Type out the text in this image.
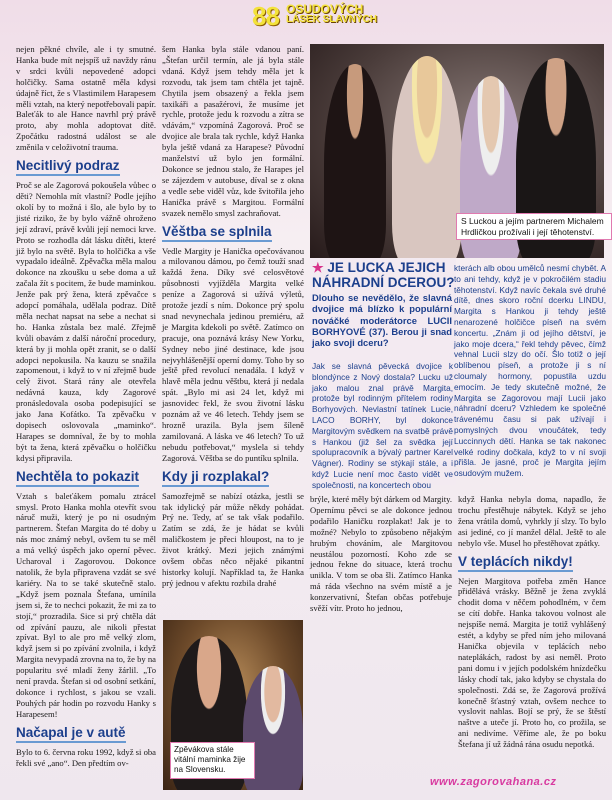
88 OSUDOVÝCH
LÁSEK SLAVNÝCH

nejen pěkné chvíle, ale i ty smutné. Hanka bude mít nejspíš už navždy ránu v srdci kvůli nepovedené adopci holčičky. Sama ostatně měla kdysi údajně říct, že s Vlastimilem Harapesem měli vztah, na který nepotřebovali papír. Baleťák to ale Hance navrhl prý právě proto, aby mohla adoptovat dítě. Zpočátku radostná událost se ale změnila v celoživotní trauma.

Necitlivý podraz

Proč se ale Zagorová pokoušela vůbec o děti? Nemohla mít vlastní? Podle jejího okolí by to možná i šlo, ale bylo by to jisté riziko, že by bylo vážně ohroženo její zdraví, právě kvůli její nemoci krve. Proto se rozhodla dát lásku dítěti, které již bylo na světě. Byla to holčička a vše vypadalo ideálně. Zpěvačka měla malou dokonce na zkoušku u sebe doma a už začala žít s pocitem, že bude maminkou. Jenže pak prý žena, která zpěvačce s adopcí pomáhala, udělala podraz. Dítě měla nechat napsat na sebe a nechat si ho. Hanka zůstala bez malé. Zřejmě kvůli obavám z další nároční procedury, která by ji mohla opět zranit, se o další adopci nepokusila. Na kauzu se snažila zapomenout, i když to v ní zřejmě bude celý život. Stará rány ale otevřela nedávná kauza, kdy Zagorové pronásledovala osoba podepisující se jako Jana Kofátko. Ta zpěvačku v dopisech oslovovala „maminko“. Harapes se domníval, že by to mohla být ta žena, která zpěvačku o holčičku kdysi připravila.

Nechtěla to pokazit

Vztah s baleťákem pomalu ztrácel smysl. Proto Hanka mohla otevřít svou náruč muži, který je po ni osudným partnerem. Štefan Margita do té doby u nás moc známý nebyl, ovšem tu se měl a má velký úspěch jako operní pěvec. Ucharoval i Zagorovou. Dokonce natolik, že byla připravena vzdát se své kariéry. Na to se také skutečně stalo. „Když jsem poznala Štefana, umínila jsem si, že to nechci pokazit, že mi za to stojí,“ prozradila. Sice si prý chtěla dát od zpívání pauzu, ale nikoli přestat zpívat. Byl to ale pro mě velký zlom, když jsem si po zpívání zvolnila, i když Margita nevypadá zrovna na to, že by na popularitu své mladí ženy žárlil. „To není pravda. Štefan si od osobní setkání, dokonce i rychlost, s jakou se vzali. Pouhých pár hodin po rozvodu Hanky s Harapesem!

Načapal je v autě

Bylo to 6. června roku 1992, když si oba řekli své „ano“. Den předtím ov-

šem Hanka byla stále vdanou paní. „Štefan určil termín, ale já byla stále vdaná. Když jsem tehdy měla jet k rozvodu, tak jsem tam chtěla jet tajně. Chytila jsem obsazený a řekla jsem taxikáři a pasažérovi, že musíme jet rychle, protože jedu k rozvodu a zítra se vdávám,“ vzpomíná Zagorová. Proč se dvojice ale brala tak rychle, když Hanka byla ještě vdaná za Harapese? Původní manželství už bylo jen formální. Dokonce se jednou stalo, že Harapes jel se zájezdem v autobuse, díval se z okna a vedle sebe viděl vůz, kde švitořila jeho Hanička právě s Margitou. Formální svazek nemělo smysl zachraňovat.

Věštba se splnila

Vedle Margity je Hanička opečovávanou a milovanou dámou, po čemž touží snad každá žena. Díky své celosvětové působnosti vyjížděla Margita velké peníze a Zagorová si užívá výletů, protože jezdí s ním. Dokonce prý spolu snad nevynechala jedinou premiéru, až je Margita kdekoli po světě. Zatímco on pracuje, ona poznává krásy New Yorku, Sydney nebo jiné destinace, kde jsou nejvyhlášenější operní domy. Toho by so ještě před revolucí nenadála. I když v hlavě měla jednu věštbu, která jí nedala spát. „Bylo mi asi 24 let, když mi jasnovidec řekl, že svou životní lásku poznám až ve 46 letech. Tehdy jsem se hrozně urazila. Byla jsem šíleně zamilovaná. A láska ve 46 letech? To už nebudu potřebovat,“ myslela si tehdy Zagorová. Věštba se do puntíku splnila.

Kdy ji rozplakal?

Samozřejmě se nabízí otázka, jestli se tak idylický pár může někdy pohádat. Prý ne. Tedy, ať se tak však podařilo. Zatím se zdá, že je hádat se kvůli maličkostem je přeci hloupost, na to je život krátký. Mezi jejich známými ovšem občas něco nějaké pikantní historky kolují. Například ta, že Hanka prý jednou v afektu rozbila drahé

S Luckou a jejím partnerem Michalem Hrdličkou prožívali i její těhotenství.
★ JE LUCKA JEJICH NÁHRADNÍ DCEROU?
Dlouho se nevědělo, že slavná dvojice má blízko k populární nováčké moderátorce LUCII BORHYOVÉ (37). Berou ji snad jako svoji dceru?
Jak se slavná pěvecká dvojice k blondýnce z Nový dostala? Lucku už jako malou znal právě Margita, protože byl rodinným přítelem rodiny Borhyových. Nevlastní tatínek Lucie, LACO BORHY, byl dokonce Margitovým svědkem na svatbě právě s Hankou (již šel za svědka její spolupracovník a bývalý partner Karel Vágner). Rodiny se stýkají stále, a i když Lucie není moc často vidět ve společnosti, na koncertech obou
kterách alb obou umělců nesmí chybět. A to ani tehdy, když je v pokročilém stadiu těhotenství. Když navíc čekala své druhé dítě, dnes skoro roční dcerku LINDU, Margita s Hankou ji tehdy ještě nenarozené holčičce píseň na svém koncertu. „Znám ji od jejího dětství, je jako moje dcera,“ řekl tehdy pěvec, čímž vehnal Lucii slzy do očí. Šlo totiž o její oblíbenou píseň, a protože ji s ní cloumaly hormony, popustila uzdu emocím. Je tedy skutečně možné, že Margita se Zagorovou mají Lucii jako náhradní dceru? Vzhledem ke společné trávenému času si pak užívají i pomyslných dvou vnoučátek, tedy Luccinnych dětí. Hanka se tak nakonec velké rodiny dočkala, když to v ní svoji přišla. Je jasné, proč je Margita jejím osudovým mužem.

brýle, které měly být dárkem od Margity. Opernímu pěvci se ale dokonce jednou podařilo Haničku rozplakat! Jak je to možné? Nebylo to způsobeno nějakým hrubým chováním, ale Margitovou neustálou pozorností. Koho zde se jednou řekne do situace, která trochu unikla. V tom se oba šli. Zatímco Hanka má ráda všechno na svém místě a je konzervativní, Štefan občas potřebuje svěží vítr. Proto ho jednou,

když Hanka nebyla doma, napadlo, že trochu přestěhuje nábytek. Když se jeho žena vrátila domů, vyhrkly jí slzy. To bylo asi jediné, co jí manžel dělal. Ještě to ale nebylo vše. Musel ho přestěhovat zpátky.

V teplácích nikdy!

Nejen Margitova potřeba změn Hance přidělává vrásky. Běžně je žena zvyklá chodit doma v něčem pohodlném, v čem se cítí dobře. Hanka takovou volnost ale nejspíše nemá. Margita je totiž vyhlášený estét, a kdyby se před ním jeho milovaná Hanička objevila v teplácích nebo nateplákách, radost by asi neměl. Proto pani domu i v jejích podolském hnízdečku lásky chodí tak, jako kdyby se chystala do společnosti. Zdá se, že Zagorová prožívá konečně šťastný vztah, ovšem nechce to vyslovit nahlas. Bojí se prý, že se štěstí naštve a uteče jí. Proto ho, co prožila, se ani nedivíme. Věříme ale, že po boku Štefana jí už žádná rána osudu nepotká.

Zpěvákova stále vitální maminka žije na Slovensku.
www.zagorovahana.cz
